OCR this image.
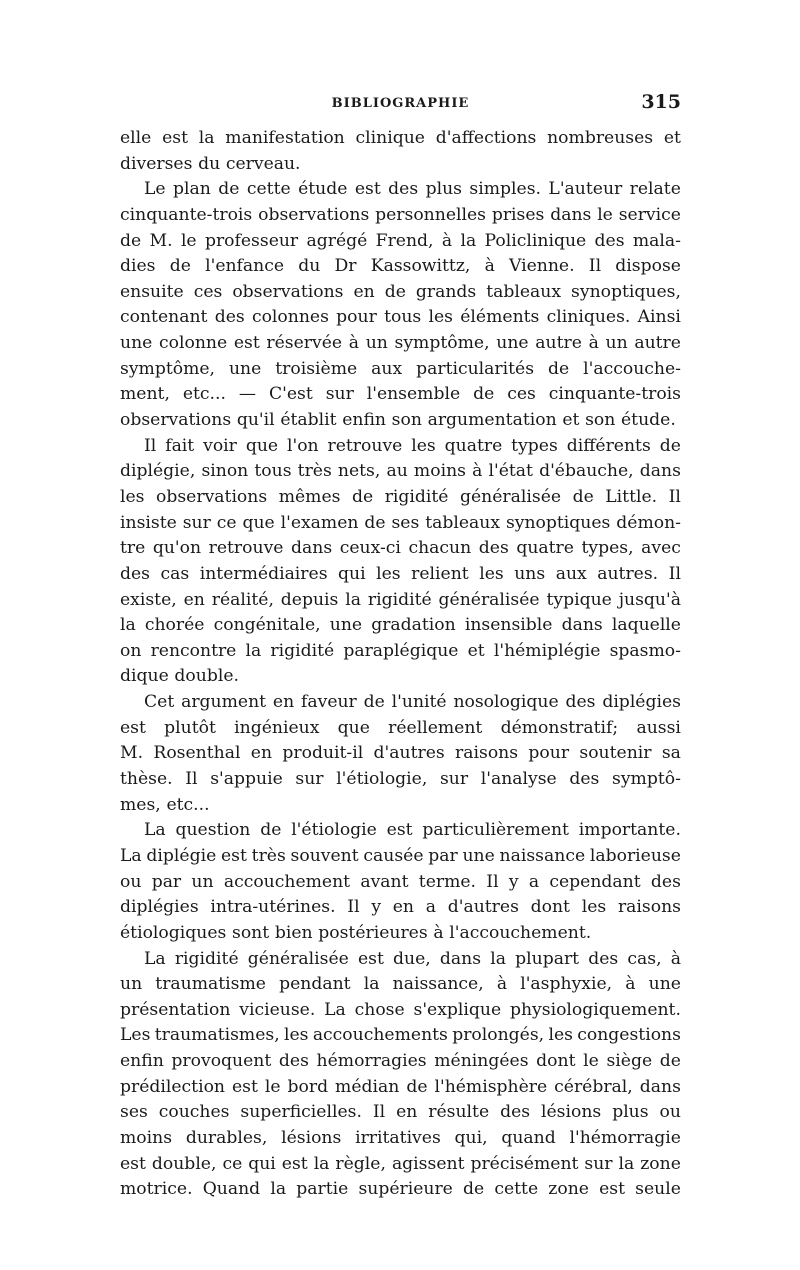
BIBLIOGRAPHIE	315
elle est la manifestation clinique d'affections nombreuses et
diverses du cerveau.
Le plan de cette étude est des plus simples. L'auteur relate
cinquante-trois observations personnelles prises dans le service
de M. le professeur agrégé Frend, à la Policlinique des mala-
dies de l'enfance du Dr Kassowittz, à Vienne. Il dispose
ensuite ces observations en de grands tableaux synoptiques,
contenant des colonnes pour tous les éléments cliniques. Ainsi
une colonne est réservée à un symptôme, une autre à un autre
symptôme, une troisième aux particularités de l'accouche-
ment, etc... — C'est sur l'ensemble de ces cinquante-trois
observations qu'il établit enfin son argumentation et son étude.
Il fait voir que l'on retrouve les quatre types différents de
diplégie, sinon tous très nets, au moins à l'état d'ébauche, dans
les observations mêmes de rigidité généralisée de Little. Il
insiste sur ce que l'examen de ses tableaux synoptiques démon-
tre qu'on retrouve dans ceux-ci chacun des quatre types, avec
des cas intermédiaires qui les relient les uns aux autres. Il
existe, en réalité, depuis la rigidité généralisée typique jusqu'à
la chorée congénitale, une gradation insensible dans laquelle
on rencontre la rigidité paraplégique et l'hémiplégie spasmo-
dique double.
Cet argument en faveur de l'unité nosologique des diplégies
est plutôt ingénieux que réellement démonstratif; aussi
M. Rosenthal en produit-il d'autres raisons pour soutenir sa
thèse. Il s'appuie sur l'étiologie, sur l'analyse des symptô-
mes, etc...
La question de l'étiologie est particulièrement importante.
La diplégie est très souvent causée par une naissance laborieuse
ou par un accouchement avant terme. Il y a cependant des
diplégies intra-utérines. Il y en a d'autres dont les raisons
étiologiques sont bien postérieures à l'accouchement.
La rigidité généralisée est due, dans la plupart des cas, à
un traumatisme pendant la naissance, à l'asphyxie, à une
présentation vicieuse. La chose s'explique physiologiquement.
Les traumatismes, les accouchements prolongés, les congestions
enfin provoquent des hémorragies méningées dont le siège de
prédilection est le bord médian de l'hémisphère cérébral, dans
ses couches superficielles. Il en résulte des lésions plus ou
moins durables, lésions irritatives qui, quand l'hémorragie
est double, ce qui est la règle, agissent précisément sur la zone
motrice. Quand la partie supérieure de cette zone est seule
